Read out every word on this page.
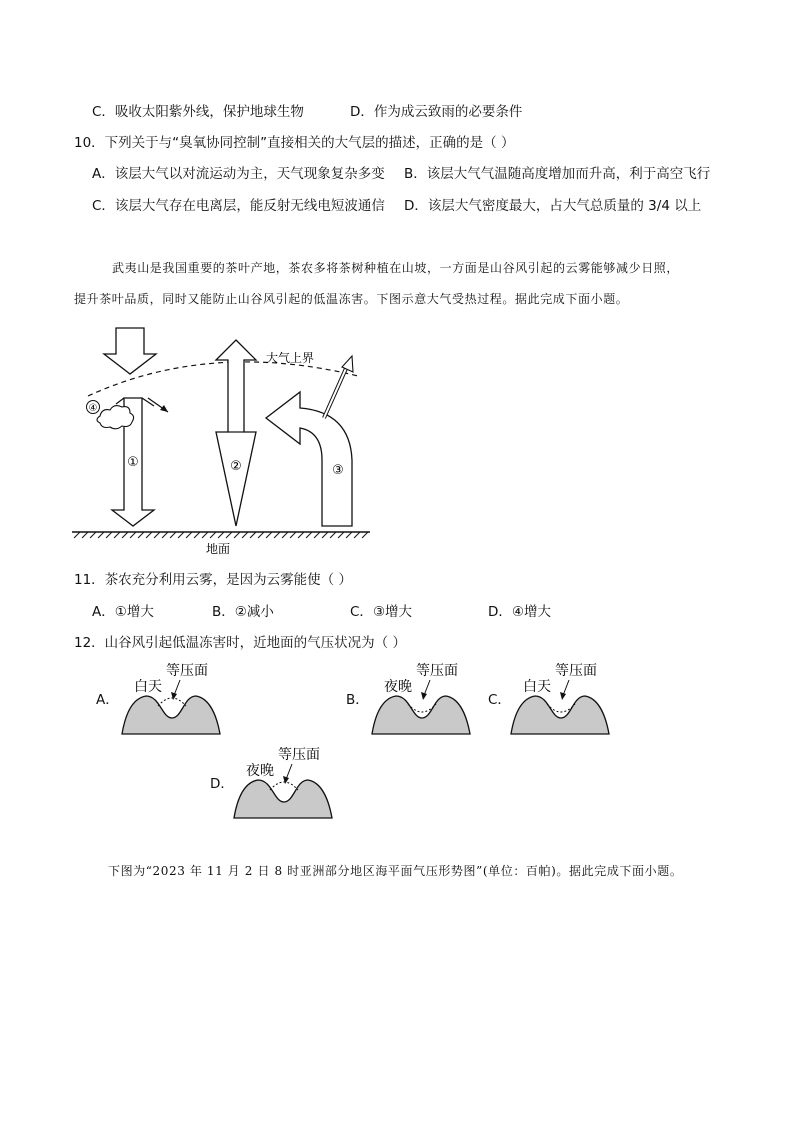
C．吸收太阳紫外线，保护地球生物	D．作为成云致雨的必要条件
10．下列关于与“臭氧协同控制”直接相关的大气层的描述，正确的是（ ）
A．该层大气以对流运动为主，天气现象复杂多变 B．该层大气气温随高度增加而升高，利于高空飞行
C．该层大气存在电离层，能反射无线电短波通信 D．该层大气密度最大，占大气总质量的 3/4 以上
武夷山是我国重要的茶叶产地，茶农多将茶树种植在山坡，一方面是山谷风引起的云雾能够减少日照，
提升茶叶品质，同时又能防止山谷风引起的低温冻害。下图示意大气受热过程。据此完成下面小题。
大气上界
①
④
②	③
地面
11．茶农充分利用云雾，是因为云雾能使（ ）
A．①增大	B．②减小	C．③增大	D．④增大
12．山谷风引起低温冻害时，近地面的气压状况为（ ）
A．
等压面
白天
B．
等压面
夜晚
C．
等压面
白天
D．
等压面
夜晚
下图为“2023 年 11 月 2 日 8 时亚洲部分地区海平面气压形势图”(单位：百帕)。据此完成下面小题。
